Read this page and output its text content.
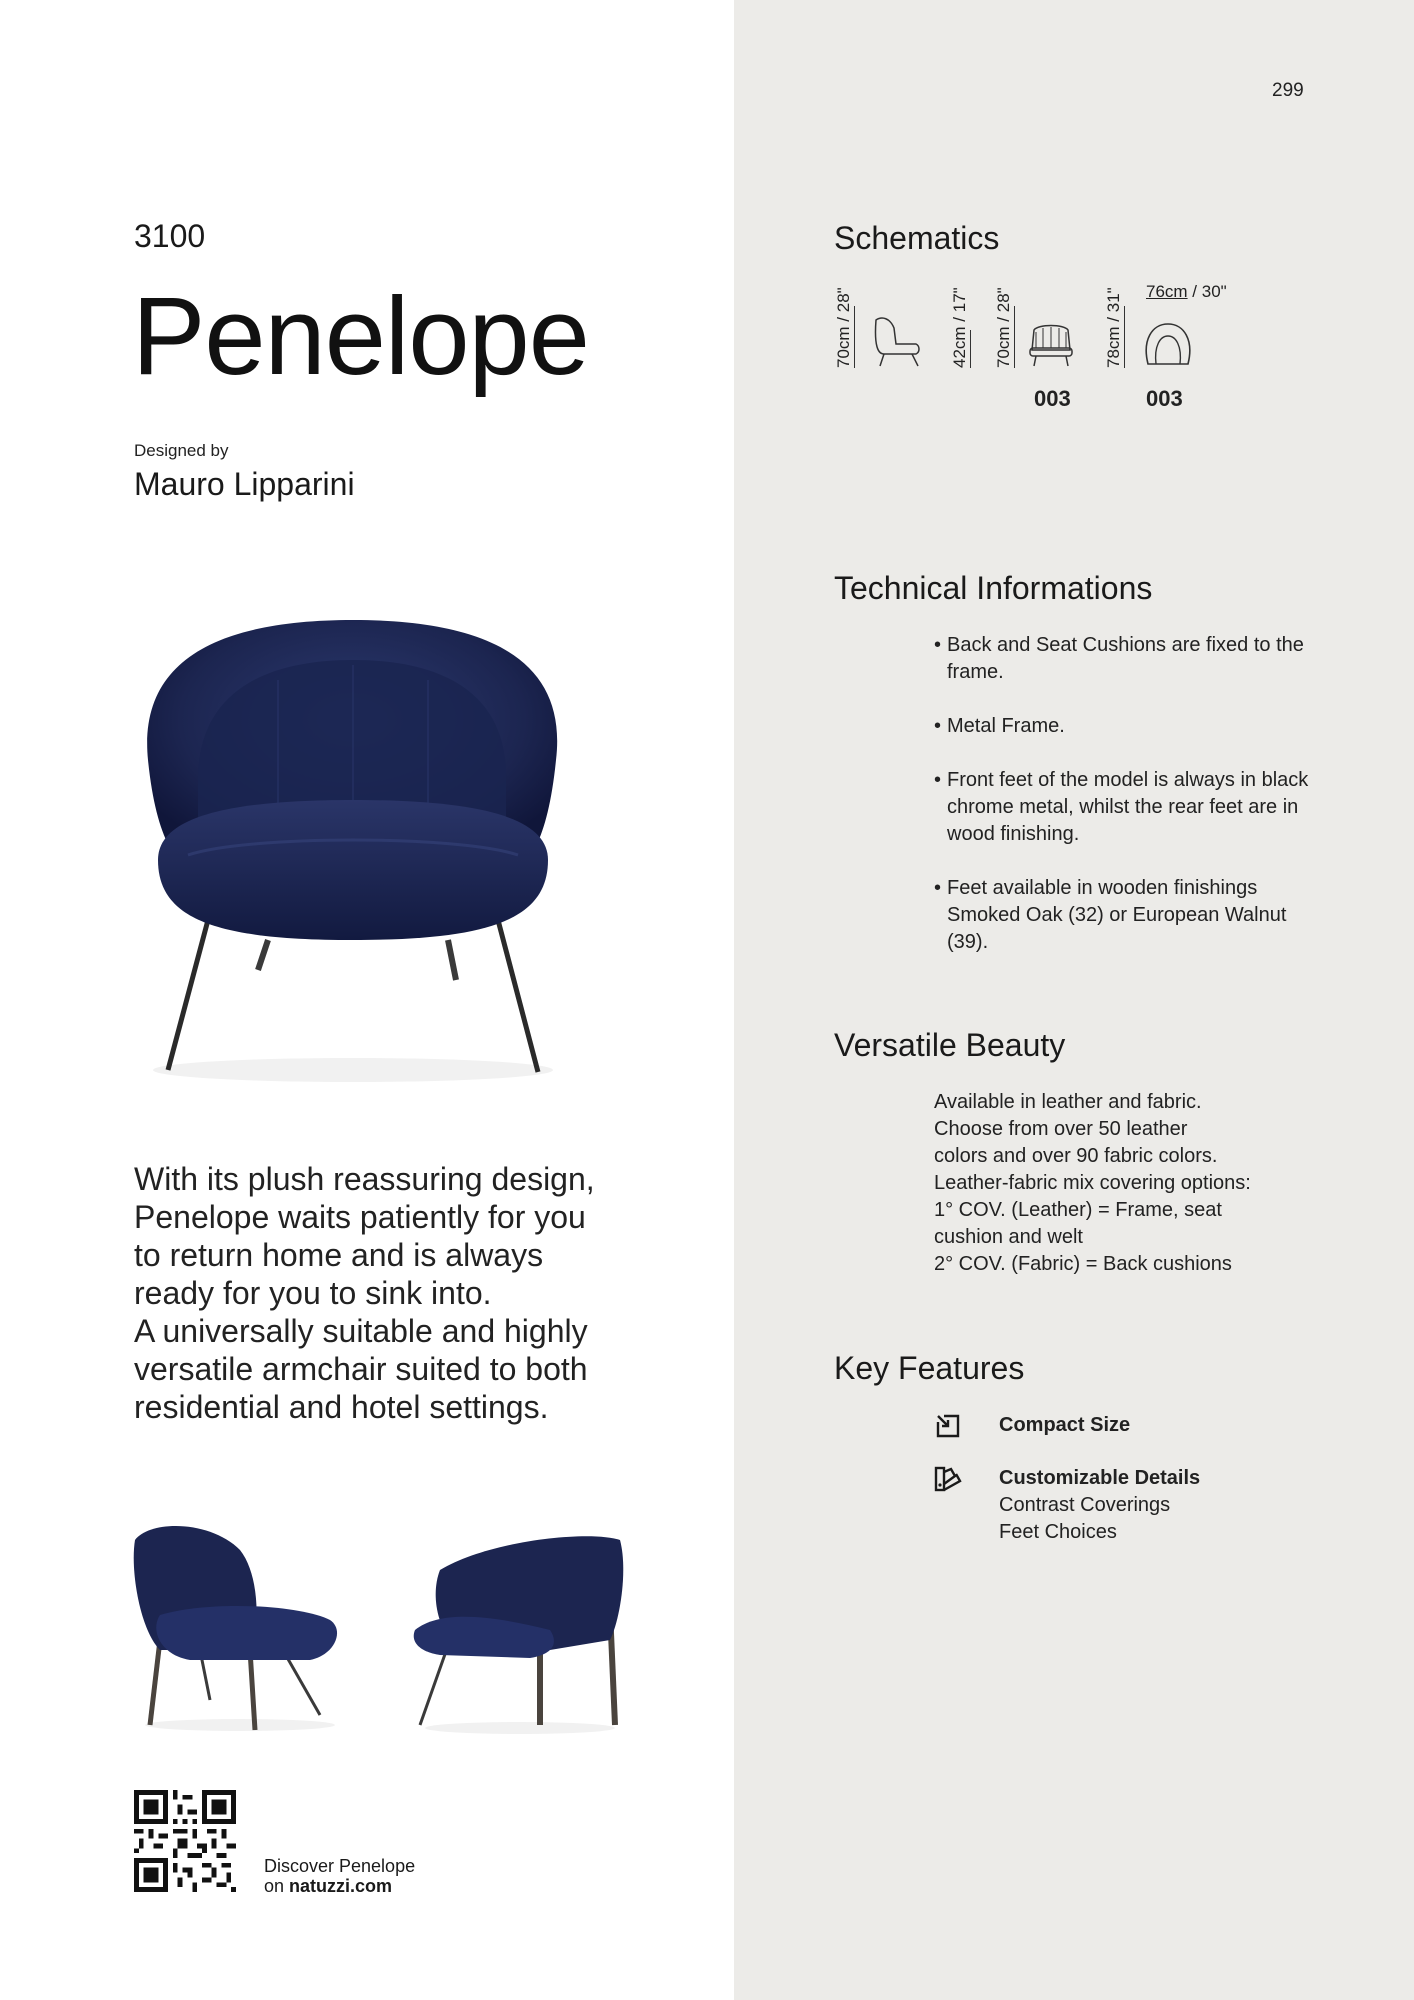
299
3100
Penelope
Designed by
Mauro Lipparini
With its plush reassuring design,
Penelope waits patiently for you
to return home and is always
ready for you to sink into.
A universally suitable and highly
versatile armchair suited to both
residential and hotel settings.
Discover Penelope
on natuzzi.com
Schematics
70cm / 28"	42cm / 17" 70cm / 28"
003
78cm / 31" 76cm / 30"
003
Technical Informations
• Back and Seat Cushions are fixed to the frame.
• Metal Frame.
• Front feet of the model is always in black chrome metal, whilst the rear feet are in wood finishing.
• Feet available in wooden finishings Smoked Oak (32) or European Walnut (39).
Versatile Beauty
Available in leather and fabric.
Choose from over 50 leather
colors and over 90 fabric colors.
Leather-fabric mix covering options:
1° COV. (Leather) = Frame, seat
cushion and welt
2° COV. (Fabric) = Back cushions
Key Features
Compact Size
Customizable Details
Contrast Coverings
Feet Choices
